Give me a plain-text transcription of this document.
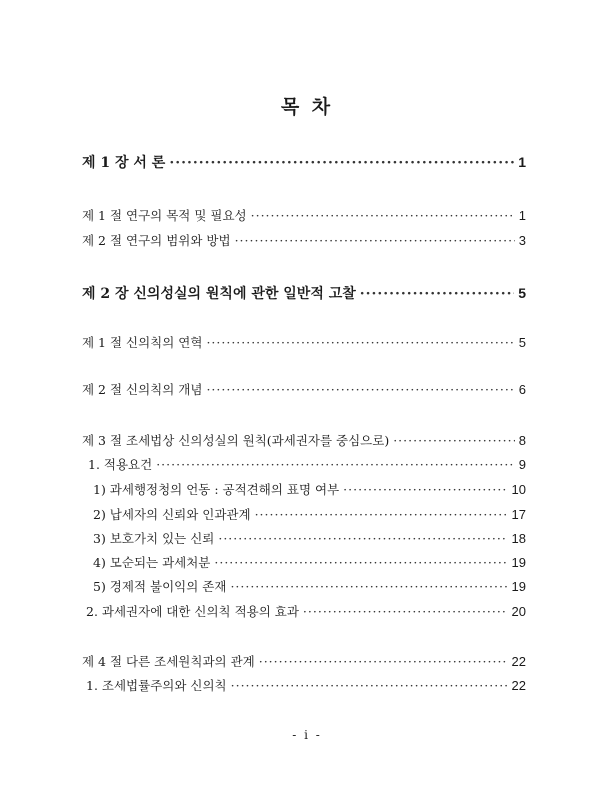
목 차
제 1 장 서 론 ·····	1
제 1 절 연구의 목적 및 필요성 ·····	1
제 2 절 연구의 범위와 방법 ·····	3
제 2 장 신의성실의 원칙에 관한 일반적 고찰 ·····	5
제 1 절 신의칙의 연혁 ·····	5
제 2 절 신의칙의 개념 ·····	6
제 3 절 조세법상 신의성실의 원칙(과세권자를 중심으로) ·····	8
1. 적용요건 ·····	9
1) 과세행정청의 언동 : 공적견해의 표명 여부 ·····	10
2) 납세자의 신뢰와 인과관계 ·····	17
3) 보호가치 있는 신뢰 ·····	18
4) 모순되는 과세처분 ·····	19
5) 경제적 불이익의 존재 ·····	19
2. 과세권자에 대한 신의칙 적용의 효과 ·····	20
제 4 절 다른 조세원칙과의 관계 ·····	22
1. 조세법률주의와 신의칙 ·····	22
- i -
